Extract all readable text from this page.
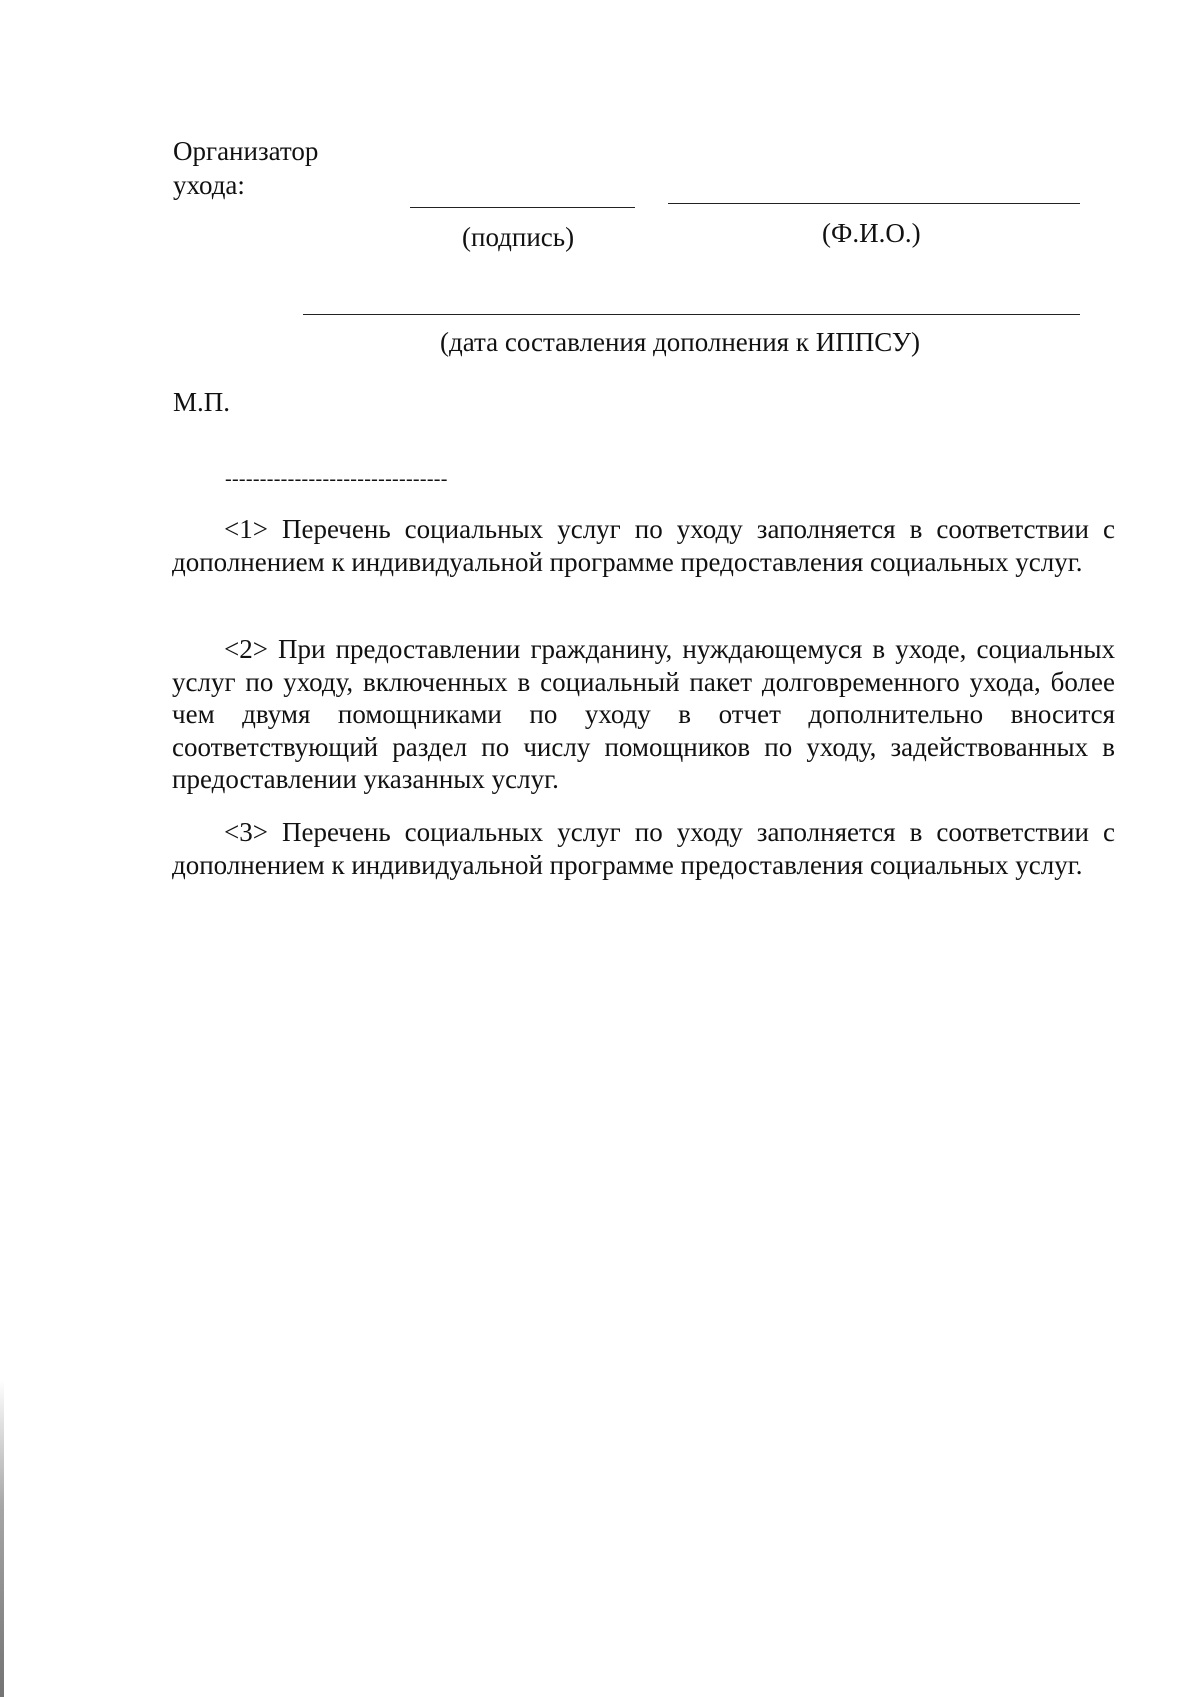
Организатор
ухода:
(подпись)	(Ф.И.О.)
(дата составления дополнения к ИППСУ)
М.П.
--------------------------------

<1> Перечень социальных услуг по уходу заполняется в соответствии с дополнением к индивидуальной программе предоставления социальных услуг.

<2> При предоставлении гражданину, нуждающемуся в уходе, социальных услуг по уходу, включенных в социальный пакет долговременного ухода, более чем двумя помощниками по уходу в отчет дополнительно вносится соответствующий раздел по числу помощников по уходу, задействованных в предоставлении указанных услуг.

<3> Перечень социальных услуг по уходу заполняется в соответствии с дополнением к индивидуальной программе предоставления социальных услуг.
